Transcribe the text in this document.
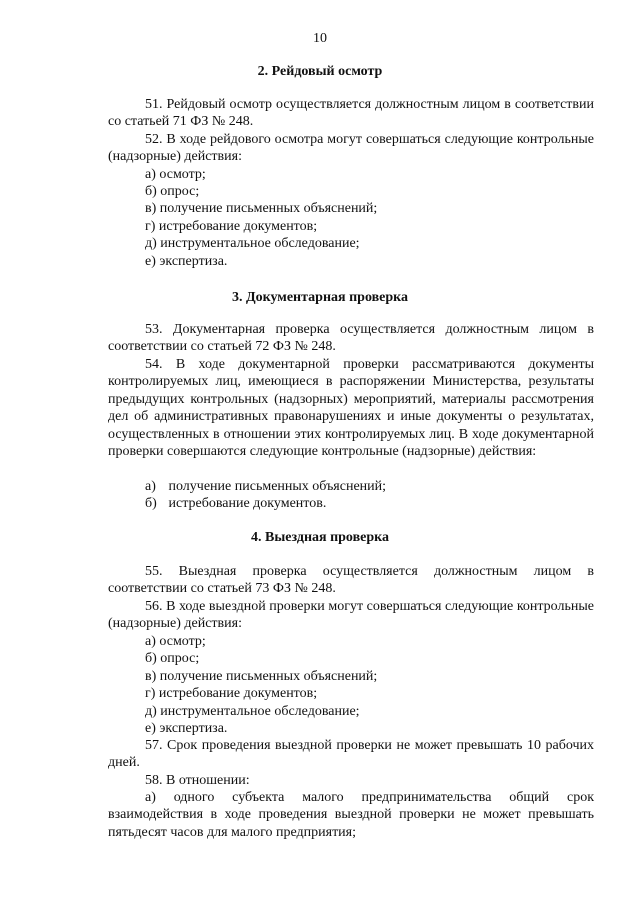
10
2. Рейдовый осмотр
51. Рейдовый осмотр осуществляется должностным лицом в соответствии со статьей 71 ФЗ № 248.
52. В ходе рейдового осмотра могут совершаться следующие контрольные (надзорные) действия:
а) осмотр;
б) опрос;
в) получение письменных объяснений;
г) истребование документов;
д) инструментальное обследование;
е) экспертиза.
3. Документарная проверка
53. Документарная проверка осуществляется должностным лицом в соответствии со статьей 72 ФЗ № 248.
54. В ходе документарной проверки рассматриваются документы контролируемых лиц, имеющиеся в распоряжении Министерства, результаты предыдущих контрольных (надзорных) мероприятий, материалы рассмотрения дел об административных правонарушениях и иные документы о результатах, осуществленных в отношении этих контролируемых лиц. В ходе документарной проверки совершаются следующие контрольные (надзорные) действия:
а) получение письменных объяснений;
б) истребование документов.
4. Выездная проверка
55. Выездная проверка осуществляется должностным лицом в соответствии со статьей 73 ФЗ № 248.
56. В ходе выездной проверки могут совершаться следующие контрольные (надзорные) действия:
а) осмотр;
б) опрос;
в) получение письменных объяснений;
г) истребование документов;
д) инструментальное обследование;
е) экспертиза.
57. Срок проведения выездной проверки не может превышать 10 рабочих дней.
58. В отношении:
а) одного субъекта малого предпринимательства общий срок взаимодействия в ходе проведения выездной проверки не может превышать пятьдесят часов для малого предприятия;
